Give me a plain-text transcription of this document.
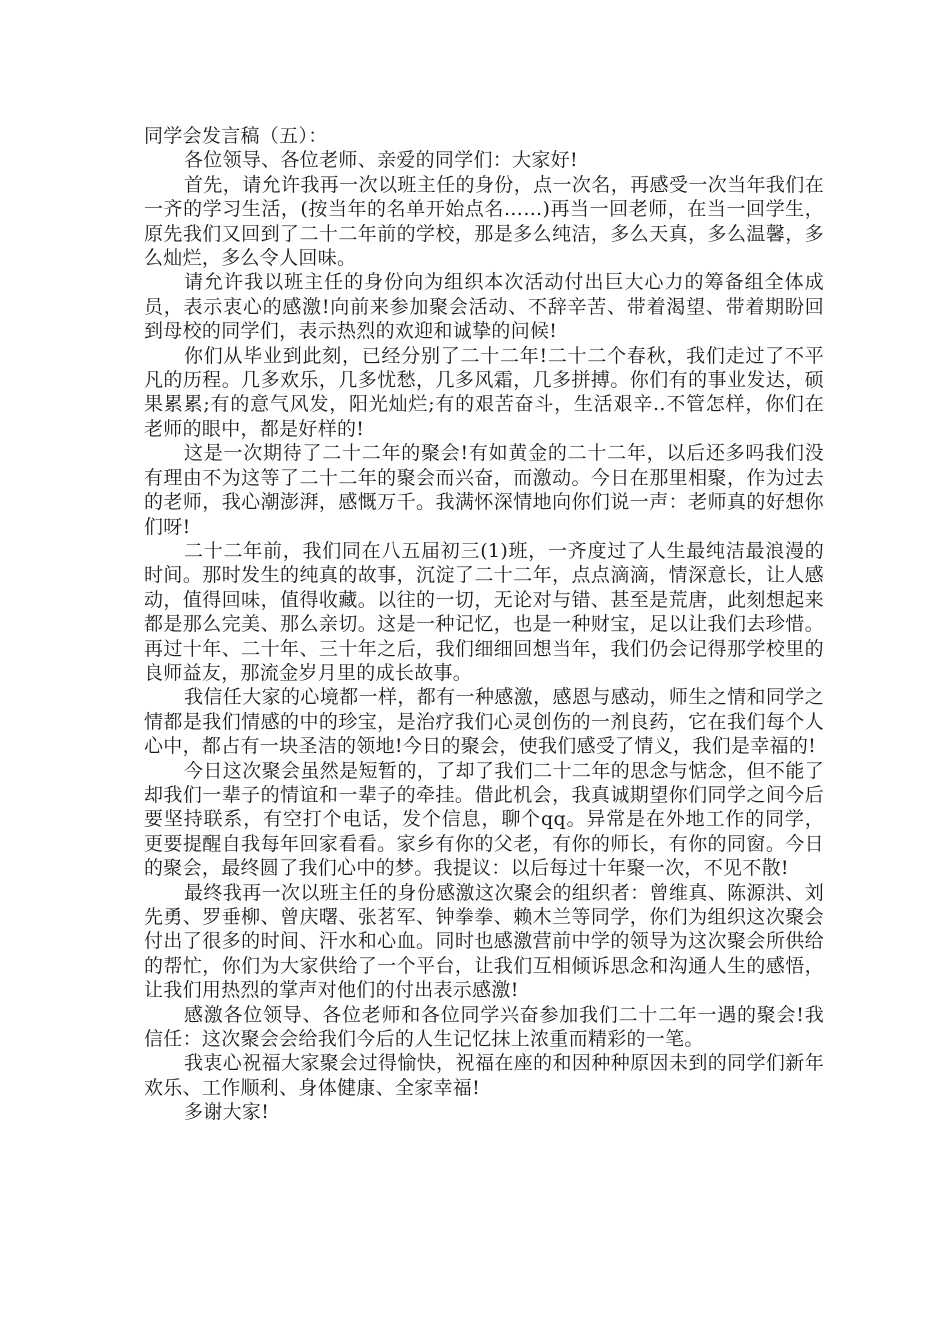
同学会发言稿（五）：

各位领导、各位老师、亲爱的同学们：大家好!

首先，请允许我再一次以班主任的身份，点一次名，再感受一次当年我们在一齐的学习生活，(按当年的名单开始点名……)再当一回老师，在当一回学生，原先我们又回到了二十二年前的学校，那是多么纯洁，多么天真，多么温馨，多么灿烂，多么令人回味。

请允许我以班主任的身份向为组织本次活动付出巨大心力的筹备组全体成员，表示衷心的感激!向前来参加聚会活动、不辞辛苦、带着渴望、带着期盼回到母校的同学们，表示热烈的欢迎和诚挚的问候!

你们从毕业到此刻，已经分别了二十二年!二十二个春秋，我们走过了不平凡的历程。几多欢乐，几多忧愁，几多风霜，几多拼搏。你们有的事业发达，硕果累累;有的意气风发，阳光灿烂;有的艰苦奋斗，生活艰辛..不管怎样，你们在老师的眼中，都是好样的!

这是一次期待了二十二年的聚会!有如黄金的二十二年，以后还多吗我们没有理由不为这等了二十二年的聚会而兴奋，而激动。今日在那里相聚，作为过去的老师，我心潮澎湃，感慨万千。我满怀深情地向你们说一声：老师真的好想你们呀!

二十二年前，我们同在八五届初三(1)班，一齐度过了人生最纯洁最浪漫的时间。那时发生的纯真的故事，沉淀了二十二年，点点滴滴，情深意长，让人感动，值得回味，值得收藏。以往的一切，无论对与错、甚至是荒唐，此刻想起来都是那么完美、那么亲切。这是一种记忆，也是一种财宝，足以让我们去珍惜。再过十年、二十年、三十年之后，我们细细回想当年，我们仍会记得那学校里的良师益友，那流金岁月里的成长故事。

我信任大家的心境都一样，都有一种感激，感恩与感动，师生之情和同学之情都是我们情感的中的珍宝，是治疗我们心灵创伤的一剂良药，它在我们每个人心中，都占有一块圣洁的领地!今日的聚会，使我们感受了情义，我们是幸福的!

今日这次聚会虽然是短暂的，了却了我们二十二年的思念与惦念，但不能了却我们一辈子的情谊和一辈子的牵挂。借此机会，我真诚期望你们同学之间今后要坚持联系，有空打个电话，发个信息，聊个qq。异常是在外地工作的同学，更要提醒自我每年回家看看。家乡有你的父老，有你的师长，有你的同窗。今日的聚会，最终圆了我们心中的梦。我提议：以后每过十年聚一次，不见不散!

最终我再一次以班主任的身份感激这次聚会的组织者：曾维真、陈源洪、刘先勇、罗垂柳、曾庆曙、张茗军、钟拳拳、赖木兰等同学，你们为组织这次聚会付出了很多的时间、汗水和心血。同时也感激营前中学的领导为这次聚会所供给的帮忙，你们为大家供给了一个平台，让我们互相倾诉思念和沟通人生的感悟，让我们用热烈的掌声对他们的付出表示感激!

感激各位领导、各位老师和各位同学兴奋参加我们二十二年一遇的聚会!我信任：这次聚会会给我们今后的人生记忆抹上浓重而精彩的一笔。

我衷心祝福大家聚会过得愉快，祝福在座的和因种种原因未到的同学们新年欢乐、工作顺利、身体健康、全家幸福!

多谢大家!
